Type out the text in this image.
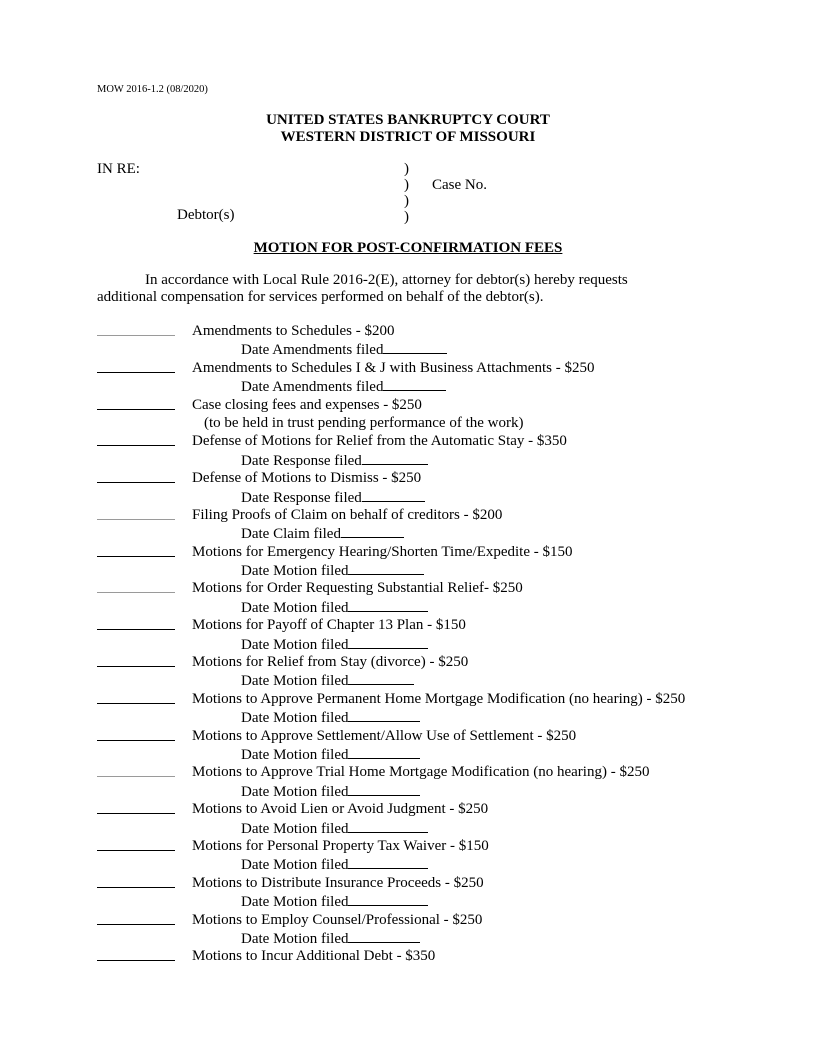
MOW 2016-1.2 (08/2020)
UNITED STATES BANKRUPTCY COURT
WESTERN DISTRICT OF MISSOURI
IN RE:
Debtor(s)
)
)
)
)
Case No.
MOTION FOR POST-CONFIRMATION FEES
In accordance with Local Rule 2016-2(E), attorney for debtor(s) hereby requests
additional compensation for services performed on behalf of the debtor(s).
Amendments to Schedules - $200
Date Amendments filed
Amendments to Schedules I & J with Business Attachments - $250
Date Amendments filed
Case closing fees and expenses - $250
(to be held in trust pending performance of the work)
Defense of Motions for Relief from the Automatic Stay - $350
Date Response filed
Defense of Motions to Dismiss - $250
Date Response filed
Filing Proofs of Claim on behalf of creditors - $200
Date Claim filed
Motions for Emergency Hearing/Shorten Time/Expedite - $150
Date Motion filed
Motions for Order Requesting Substantial Relief- $250
Date Motion filed
Motions for Payoff of Chapter 13 Plan - $150
Date Motion filed
Motions for Relief from Stay (divorce) - $250
Date Motion filed
Motions to Approve Permanent Home Mortgage Modification (no hearing) - $250
Date Motion filed
Motions to Approve Settlement/Allow Use of Settlement - $250
Date Motion filed
Motions to Approve Trial Home Mortgage Modification (no hearing) - $250
Date Motion filed
Motions to Avoid Lien or Avoid Judgment - $250
Date Motion filed
Motions for Personal Property Tax Waiver - $150
Date Motion filed
Motions to Distribute Insurance Proceeds - $250
Date Motion filed
Motions to Employ Counsel/Professional - $250
Date Motion filed
Motions to Incur Additional Debt - $350
